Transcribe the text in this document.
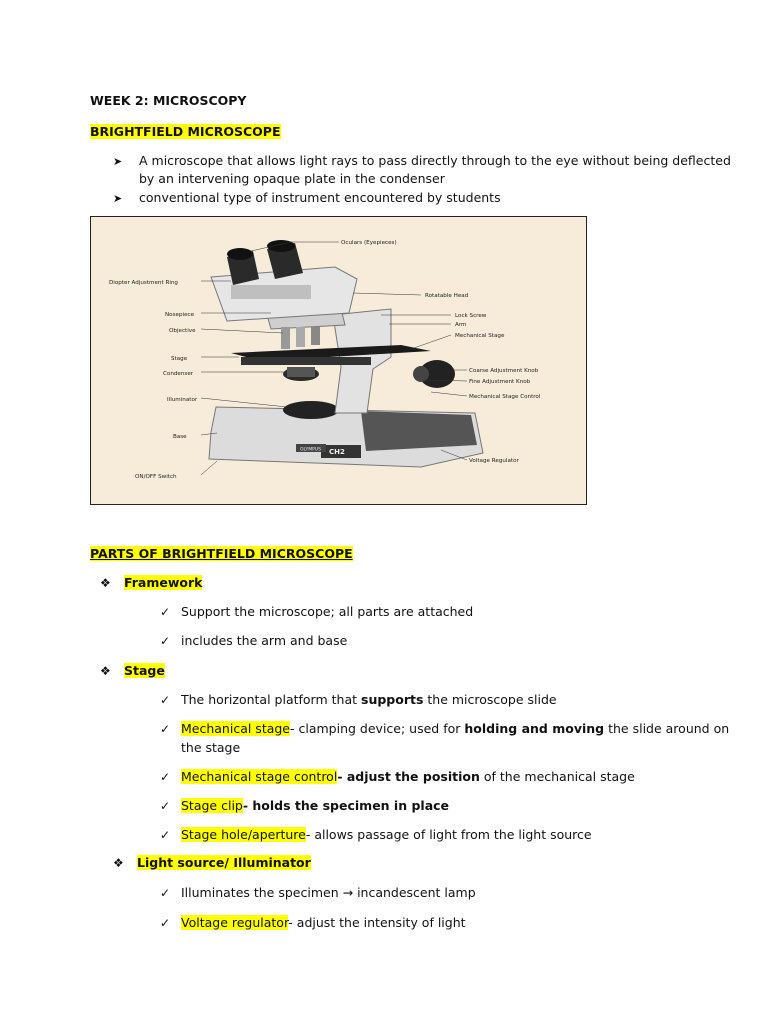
WEEK 2: MICROSCOPY
BRIGHTFIELD MICROSCOPE
➤ A microscope that allows light rays to pass directly through to the eye without being deflected
by an intervening opaque plate in the condenser
➤ conventional type of instrument encountered by students
OLYMPUS CH2
Diopter Adjustment Ring
Nosepiece
Objective
Stage
Condenser
Illuminator
Base
ON/OFF Switch
Oculars (Eyepieces)
Rotatable Head
Lock Screw
Arm
Mechanical Stage
Coarse Adjustment Knob
Fine Adjustment Knob
Mechanical Stage Control
Voltage Regulator
PARTS OF BRIGHTFIELD MICROSCOPE
❖ Framework
✓ Support the microscope; all parts are attached
✓ includes the arm and base
❖ Stage
✓ The horizontal platform that supports the microscope slide
✓ Mechanical stage- clamping device; used for holding and moving the slide around on
the stage
✓ Mechanical stage control- adjust the position of the mechanical stage
✓ Stage clip- holds the specimen in place
✓ Stage hole/aperture- allows passage of light from the light source
❖ Light source/ Illuminator
✓ Illuminates the specimen → incandescent lamp
✓ Voltage regulator- adjust the intensity of light
